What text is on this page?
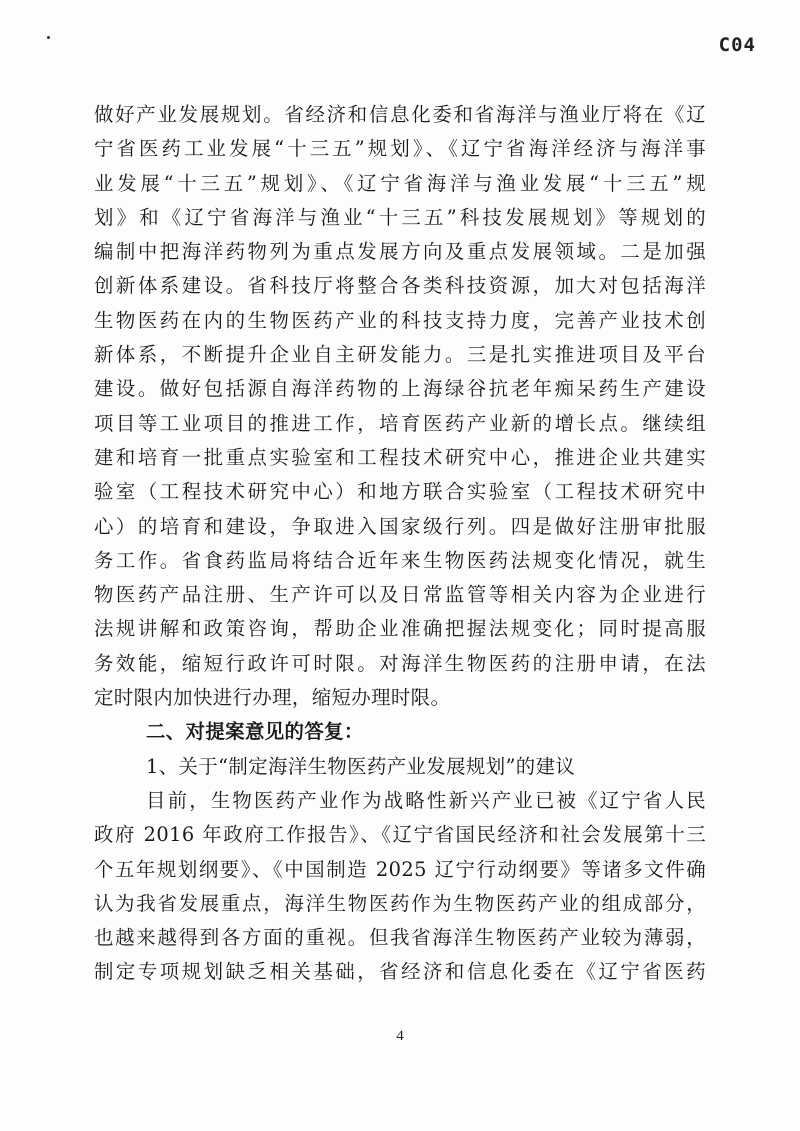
C04
做好产业发展规划。省经济和信息化委和省海洋与渔业厅将在《辽
宁省医药工业发展“十三五”规划》、《辽宁省海洋经济与海洋事
业发展“十三五”规划》、《辽宁省海洋与渔业发展“十三五”规
划》和《辽宁省海洋与渔业“十三五”科技发展规划》等规划的
编制中把海洋药物列为重点发展方向及重点发展领域。二是加强
创新体系建设。省科技厅将整合各类科技资源，加大对包括海洋
生物医药在内的生物医药产业的科技支持力度，完善产业技术创
新体系，不断提升企业自主研发能力。三是扎实推进项目及平台
建设。做好包括源自海洋药物的上海绿谷抗老年痴呆药生产建设
项目等工业项目的推进工作，培育医药产业新的增长点。继续组
建和培育一批重点实验室和工程技术研究中心，推进企业共建实
验室（工程技术研究中心）和地方联合实验室（工程技术研究中
心）的培育和建设，争取进入国家级行列。四是做好注册审批服
务工作。省食药监局将结合近年来生物医药法规变化情况，就生
物医药产品注册、生产许可以及日常监管等相关内容为企业进行
法规讲解和政策咨询，帮助企业准确把握法规变化；同时提高服
务效能，缩短行政许可时限。对海洋生物医药的注册申请，在法
定时限内加快进行办理，缩短办理时限。
二、对提案意见的答复：
1、关于“制定海洋生物医药产业发展规划”的建议
目前，生物医药产业作为战略性新兴产业已被《辽宁省人民
政府 2016 年政府工作报告》、《辽宁省国民经济和社会发展第十三
个五年规划纲要》、《中国制造 2025 辽宁行动纲要》等诸多文件确
认为我省发展重点，海洋生物医药作为生物医药产业的组成部分，
也越来越得到各方面的重视。但我省海洋生物医药产业较为薄弱，
制定专项规划缺乏相关基础，省经济和信息化委在《辽宁省医药
4
